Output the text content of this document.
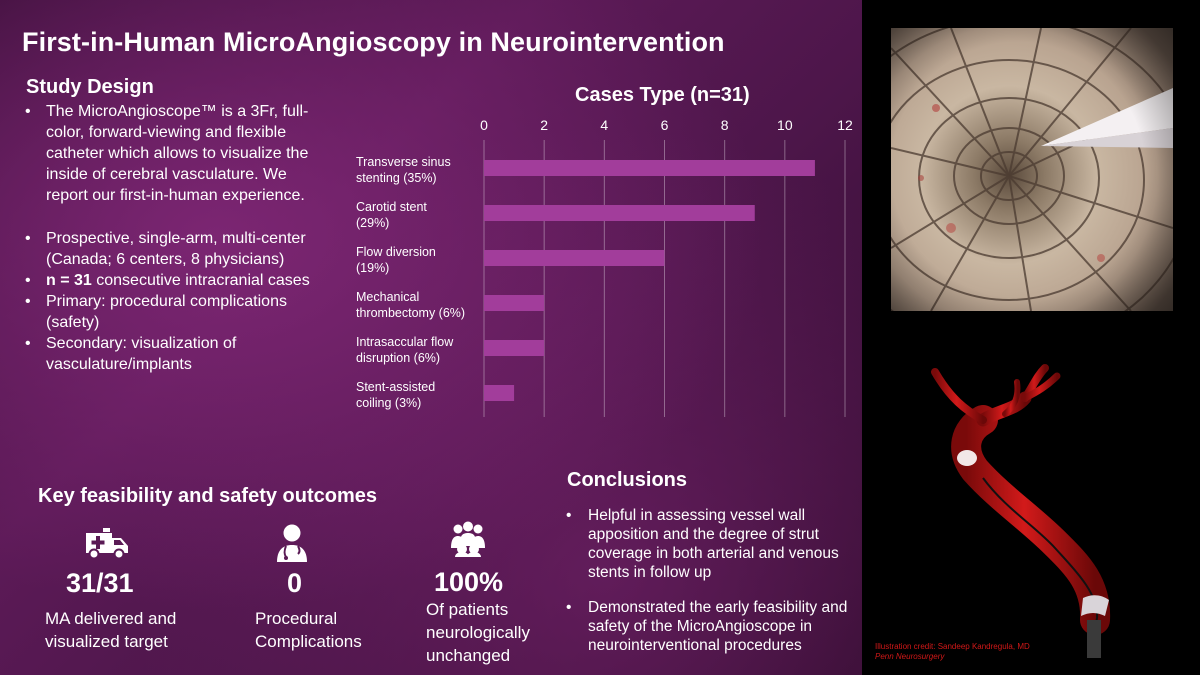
First-in-Human MicroAngioscopy in Neurointervention
Study Design
• The MicroAngioscope™ is a 3Fr, full-color, forward-viewing and flexible catheter which allows to visualize the inside of cerebral vasculature. We report our first-in-human experience.
• Prospective, single-arm, multi-center (Canada; 6 centers, 8 physicians)
• n = 31 consecutive intracranial cases
• Primary: procedural complications (safety)
• Secondary: visualization of vasculature/implants
Cases Type (n=31)
0	2	4	6	8	10	12
Transverse sinus
stenting (35%)
Carotid stent
(29%)
Flow diversion
(19%)
Mechanical
thrombectomy (6%)
Intrasaccular flow
disruption (6%)
Stent-assisted
coiling (3%)
Key feasibility and safety outcomes
31/31
MA delivered and
visualized target
0
Procedural
Complications
100%
Of patients
neurologically
unchanged
Conclusions
• Helpful in assessing vessel wall apposition and the degree of strut coverage in both arterial and venous stents in follow up
• Demonstrated the early feasibility and safety of the MicroAngioscope in neurointerventional procedures	Illustration credit: Sandeep Kandregula, MD
Penn Neurosurgery
